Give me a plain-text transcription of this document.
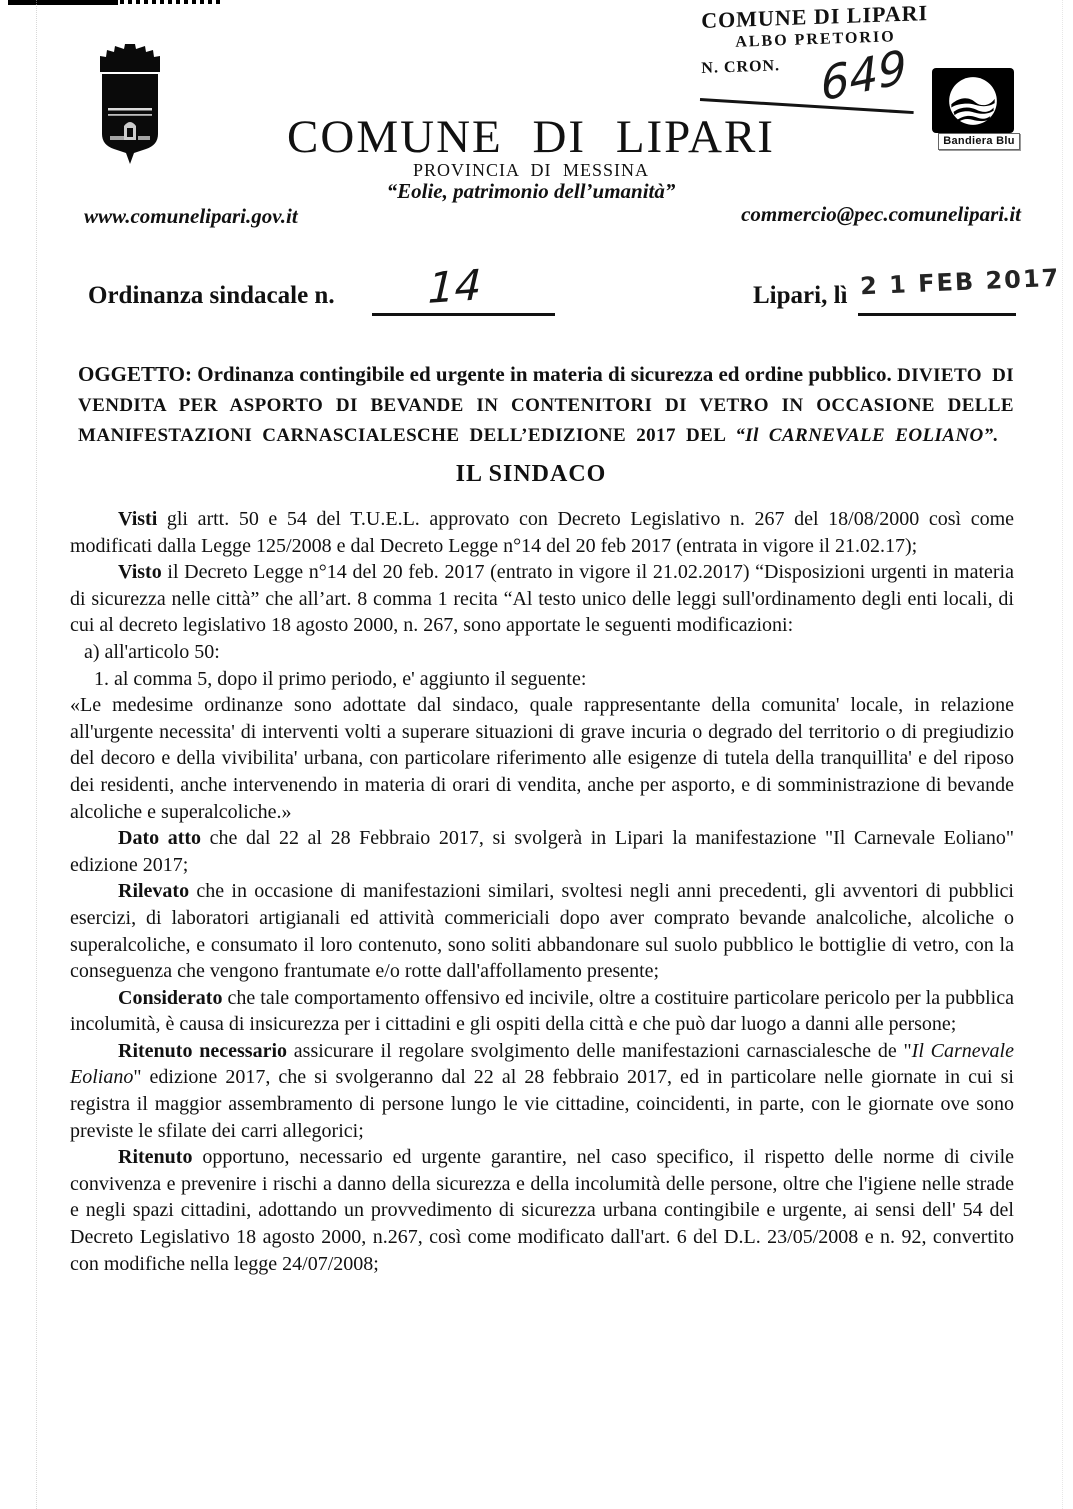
COMUNE DI LIPARI
ALBO PRETORIO
N. CRON. 649
Bandiera Blu
COMUNE DI LIPARI
PROVINCIA DI MESSINA
“Eolie, patrimonio dell’umanità”
www.comunelipari.gov.it	commercio@pec.comunelipari.it
Ordinanza sindacale n. 14	Lipari, lì 2 1 FEB 2017
OGGETTO: Ordinanza contingibile ed urgente in materia di sicurezza ed ordine pubblico. DIVIETO DI VENDITA PER ASPORTO DI BEVANDE IN CONTENITORI DI VETRO IN OCCASIONE DELLE MANIFESTAZIONI CARNASCIALESCHE DELL’EDIZIONE 2017 DEL “Il CARNEVALE EOLIANO”.
IL SINDACO

Visti gli artt. 50 e 54 del T.U.E.L. approvato con Decreto Legislativo n. 267 del 18/08/2000 così come modificati dalla Legge 125/2008 e dal Decreto Legge n°14 del 20 feb 2017 (entrata in vigore il 21.02.17);

Visto il Decreto Legge n°14 del 20 feb. 2017 (entrato in vigore il 21.02.2017) “Disposizioni urgenti in materia di sicurezza nelle città” che all’art. 8 comma 1 recita “Al testo unico delle leggi sull'ordinamento degli enti locali, di cui al decreto legislativo 18 agosto 2000, n. 267, sono apportate le seguenti modificazioni:

a) all'articolo 50:

1. al comma 5, dopo il primo periodo, e' aggiunto il seguente:

«Le medesime ordinanze sono adottate dal sindaco, quale rappresentante della comunita' locale, in relazione all'urgente necessita' di interventi volti a superare situazioni di grave incuria o degrado del territorio o di pregiudizio del decoro e della vivibilita' urbana, con particolare riferimento alle esigenze di tutela della tranquillita' e del riposo dei residenti, anche intervenendo in materia di orari di vendita, anche per asporto, e di somministrazione di bevande alcoliche e superalcoliche.»

Dato atto che dal 22 al 28 Febbraio 2017, si svolgerà in Lipari la manifestazione "Il Carnevale Eoliano" edizione 2017;

Rilevato che in occasione di manifestazioni similari, svoltesi negli anni precedenti, gli avventori di pubblici esercizi, di laboratori artigianali ed attività commericiali dopo aver comprato bevande analcoliche, alcoliche o superalcoliche, e consumato il loro contenuto, sono soliti abbandonare sul suolo pubblico le bottiglie di vetro, con la conseguenza che vengono frantumate e/o rotte dall'affollamento presente;

Considerato che tale comportamento offensivo ed incivile, oltre a costituire particolare pericolo per la pubblica incolumità, è causa di insicurezza per i cittadini e gli ospiti della città e che può dar luogo a danni alle persone;

Ritenuto necessario assicurare il regolare svolgimento delle manifestazioni carnascialesche de "Il Carnevale Eoliano" edizione 2017, che si svolgeranno dal 22 al 28 febbraio 2017, ed in particolare nelle giornate in cui si registra il maggior assembramento di persone lungo le vie cittadine, coincidenti, in parte, con le giornate ove sono previste le sfilate dei carri allegorici;

Ritenuto opportuno, necessario ed urgente garantire, nel caso specifico, il rispetto delle norme di civile convivenza e prevenire i rischi a danno della sicurezza e della incolumità delle persone, oltre che l'igiene nelle strade e negli spazi cittadini, adottando un provvedimento di sicurezza urbana contingibile e urgente, ai sensi dell' 54 del Decreto Legislativo 18 agosto 2000, n.267, così come modificato dall'art. 6 del D.L. 23/05/2008 e n. 92, convertito con modifiche nella legge 24/07/2008;
